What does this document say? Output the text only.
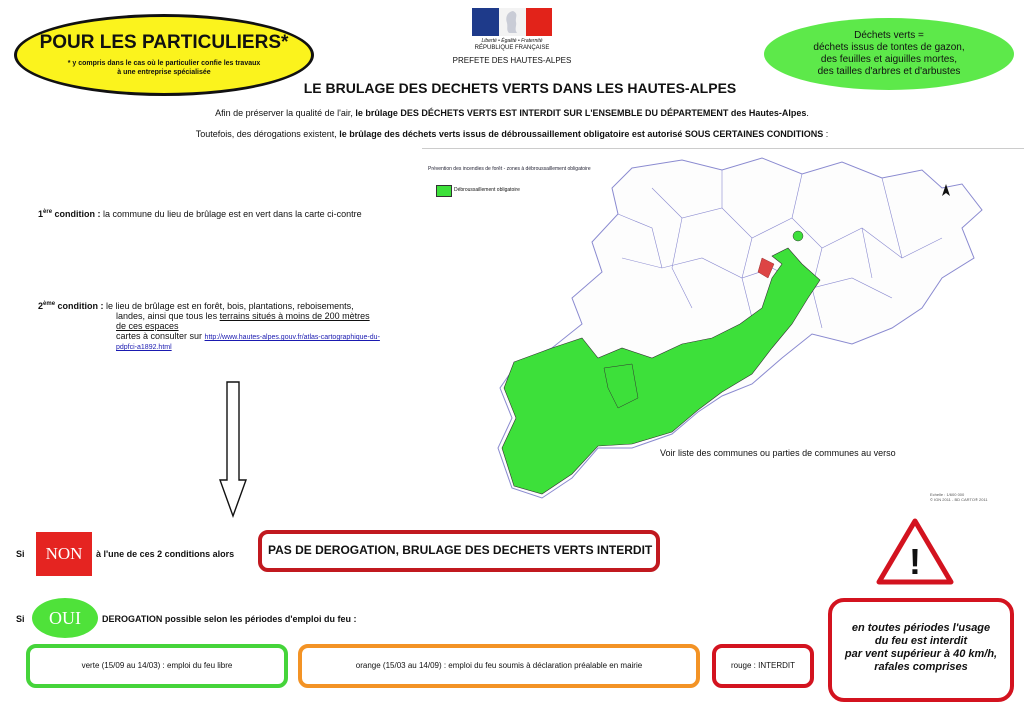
POUR LES PARTICULIERS*
* y compris dans le cas où le particulier confie les travaux
à une entreprise spécialisée
Liberté • Égalité • Fraternité
RÉPUBLIQUE FRANÇAISE
PREFETE DES HAUTES-ALPES
Déchets verts =
déchets issus de tontes de gazon,
des feuilles et aiguilles mortes,
des tailles d'arbres et d'arbustes
LE BRULAGE DES DECHETS VERTS DANS LES HAUTES-ALPES
Afin de préserver la qualité de l'air, le brûlage DES DÉCHETS VERTS EST INTERDIT SUR L'ENSEMBLE DU DÉPARTEMENT des Hautes-Alpes.
Toutefois, des dérogations existent, le brûlage des déchets verts issus de débroussaillement obligatoire est autorisé SOUS CERTAINES CONDITIONS :
Prévention des incendies de forêt - zones à débroussaillement obligatoire
Débroussaillement obligatoire
Voir liste des communes ou parties de communes au verso
Echelle : 1/600 000
© IGN 2011 - BD CARTO® 2011
1ère condition : la commune du lieu de brûlage est en vert dans la carte ci-contre
2ème condition : le lieu de brûlage est en forêt, bois, plantations, reboisements,
landes, ainsi que tous les terrains situés à moins de 200 mètres
de ces espaces
cartes à consulter sur http://www.hautes-alpes.gouv.fr/atlas-cartographique-du-
pdpfci-a1892.html
Si	NON	à l'une de ces 2 conditions alors	PAS DE DEROGATION, BRULAGE DES DECHETS VERTS INTERDIT
Si	OUI	DEROGATION possible selon les périodes d'emploi du feu :
verte (15/09 au 14/03) : emploi du feu libre	orange (15/03 au 14/09) : emploi du feu soumis à déclaration préalable en mairie	rouge : INTERDIT
!
en toutes périodes l'usage
du feu est interdit
par vent supérieur à 40 km/h,
rafales comprises
